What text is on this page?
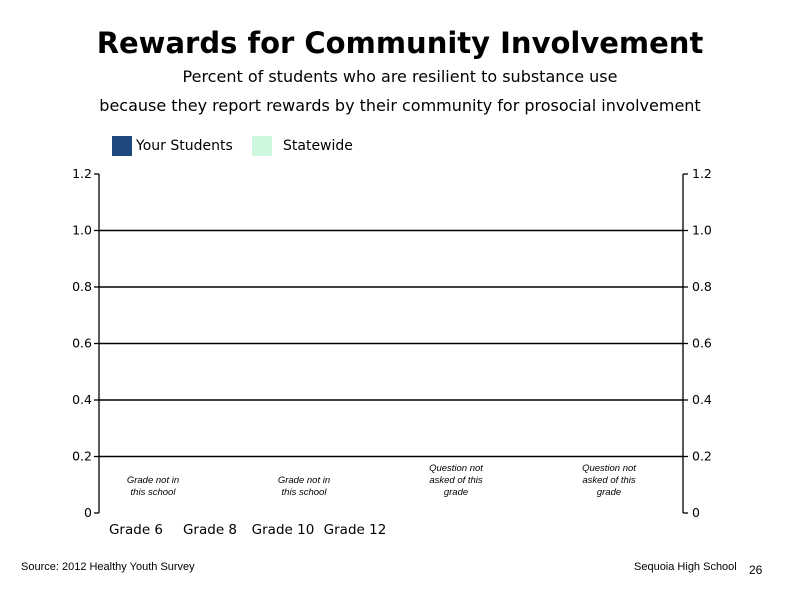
Rewards for Community Involvement
Percent of students who are resilient to substance use
because they report rewards by their community for prosocial involvement
Your Students	Statewide
0	0
0.2	0.2
0.4	0.4
0.6	0.6
0.8	0.8
1.0	1.0
1.2	1.2
Grade 6 Grade 8 Grade 10 Grade 12
Grade not in
this school
Grade not in
this school
Question not
asked of this
grade
Question not
asked of this
grade
Source: 2012 Healthy Youth Survey	Sequoia High School 26
